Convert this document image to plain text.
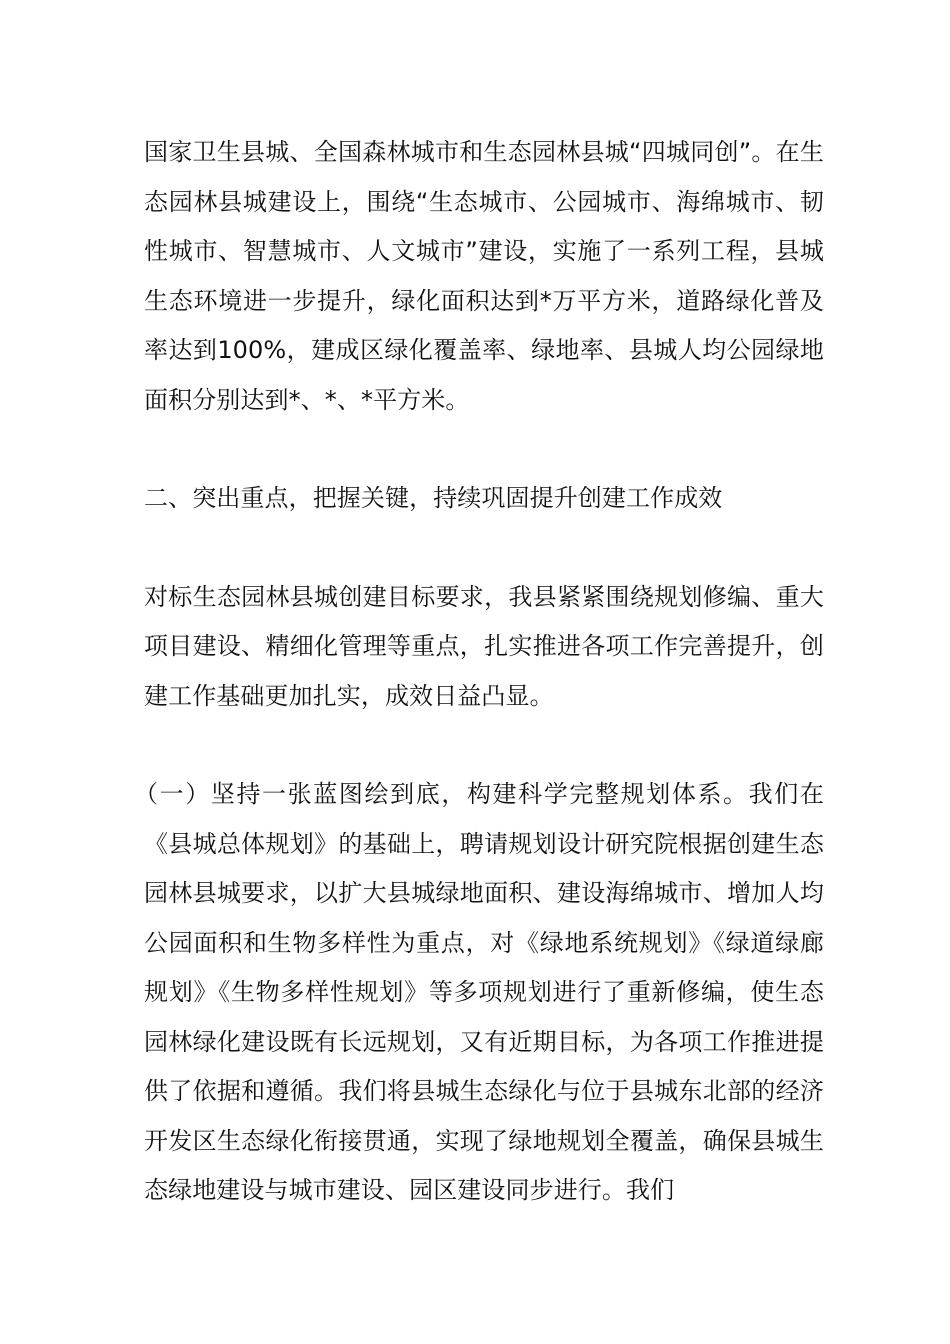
国家卫生县城、全国森林城市和生态园林县城“四城同创”。在生态园林县城建设上，围绕“生态城市、公园城市、海绵城市、韧性城市、智慧城市、人文城市”建设，实施了一系列工程，县城生态环境进一步提升，绿化面积达到*万平方米，道路绿化普及率达到100%，建成区绿化覆盖率、绿地率、县城人均公园绿地面积分别达到*、*、*平方米。

二、突出重点，把握关键，持续巩固提升创建工作成效

对标生态园林县城创建目标要求，我县紧紧围绕规划修编、重大项目建设、精细化管理等重点，扎实推进各项工作完善提升，创建工作基础更加扎实，成效日益凸显。

（一）坚持一张蓝图绘到底，构建科学完整规划体系。我们在《县城总体规划》的基础上，聘请规划设计研究院根据创建生态园林县城要求，以扩大县城绿地面积、建设海绵城市、增加人均公园面积和生物多样性为重点，对《绿地系统规划》《绿道绿廊规划》《生物多样性规划》等多项规划进行了重新修编，使生态园林绿化建设既有长远规划，又有近期目标，为各项工作推进提供了依据和遵循。我们将县城生态绿化与位于县城东北部的经济开发区生态绿化衔接贯通，实现了绿地规划全覆盖，确保县城生态绿地建设与城市建设、园区建设同步进行。我们
